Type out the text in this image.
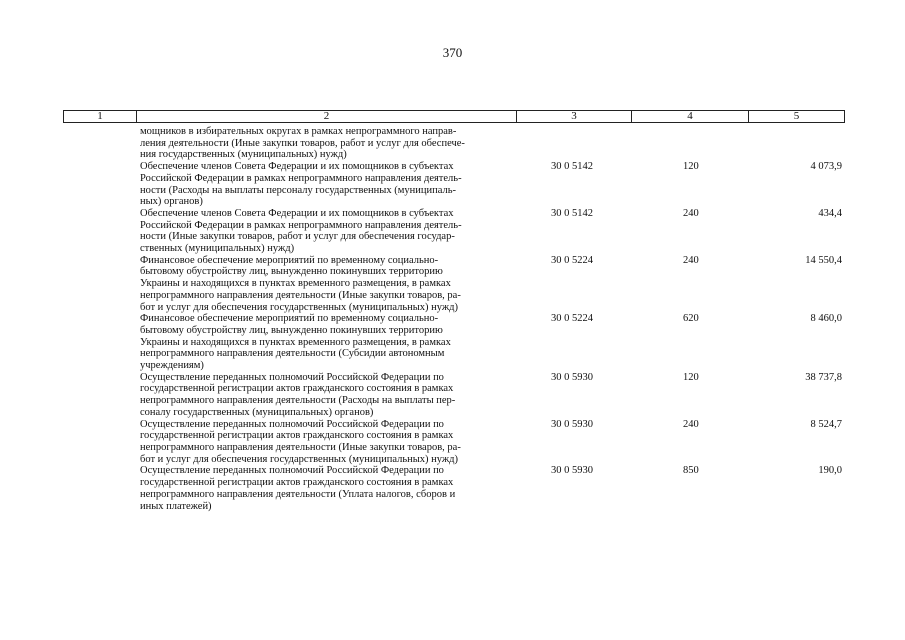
370
1	2	3	4	5
мощников в избирательных округах в рамках непрограммного направ-
ления деятельности (Иные закупки товаров, работ и услуг для обеспече-
ния государственных (муниципальных) нужд)
Обеспечение членов Совета Федерации и их помощников в субъектах
Российской Федерации в рамках непрограммного направления деятель-
ности (Расходы на выплаты персоналу государственных (муниципаль-
ных) органов)
30 0 5142	120	4 073,9
Обеспечение членов Совета Федерации и их помощников в субъектах
Российской Федерации в рамках непрограммного направления деятель-
ности (Иные закупки товаров, работ и услуг для обеспечения государ-
ственных (муниципальных) нужд)
30 0 5142	240	434,4
Финансовое обеспечение мероприятий по временному социально-
бытовому обустройству лиц, вынужденно покинувших территорию
Украины и находящихся в пунктах временного размещения, в рамках
непрограммного направления деятельности (Иные закупки товаров, ра-
бот и услуг для обеспечения государственных (муниципальных) нужд)
30 0 5224	240	14 550,4
Финансовое обеспечение мероприятий по временному социально-
бытовому обустройству лиц, вынужденно покинувших территорию
Украины и находящихся в пунктах временного размещения, в рамках
непрограммного направления деятельности (Субсидии автономным
учреждениям)
30 0 5224	620	8 460,0
Осуществление переданных полномочий Российской Федерации по
государственной регистрации актов гражданского состояния в рамках
непрограммного направления деятельности (Расходы на выплаты пер-
соналу государственных (муниципальных) органов)
30 0 5930	120	38 737,8
Осуществление переданных полномочий Российской Федерации по
государственной регистрации актов гражданского состояния в рамках
непрограммного направления деятельности (Иные закупки товаров, ра-
бот и услуг для обеспечения государственных (муниципальных) нужд)
30 0 5930	240	8 524,7
Осуществление переданных полномочий Российской Федерации по
государственной регистрации актов гражданского состояния в рамках
непрограммного направления деятельности (Уплата налогов, сборов и
иных платежей)
30 0 5930	850	190,0
